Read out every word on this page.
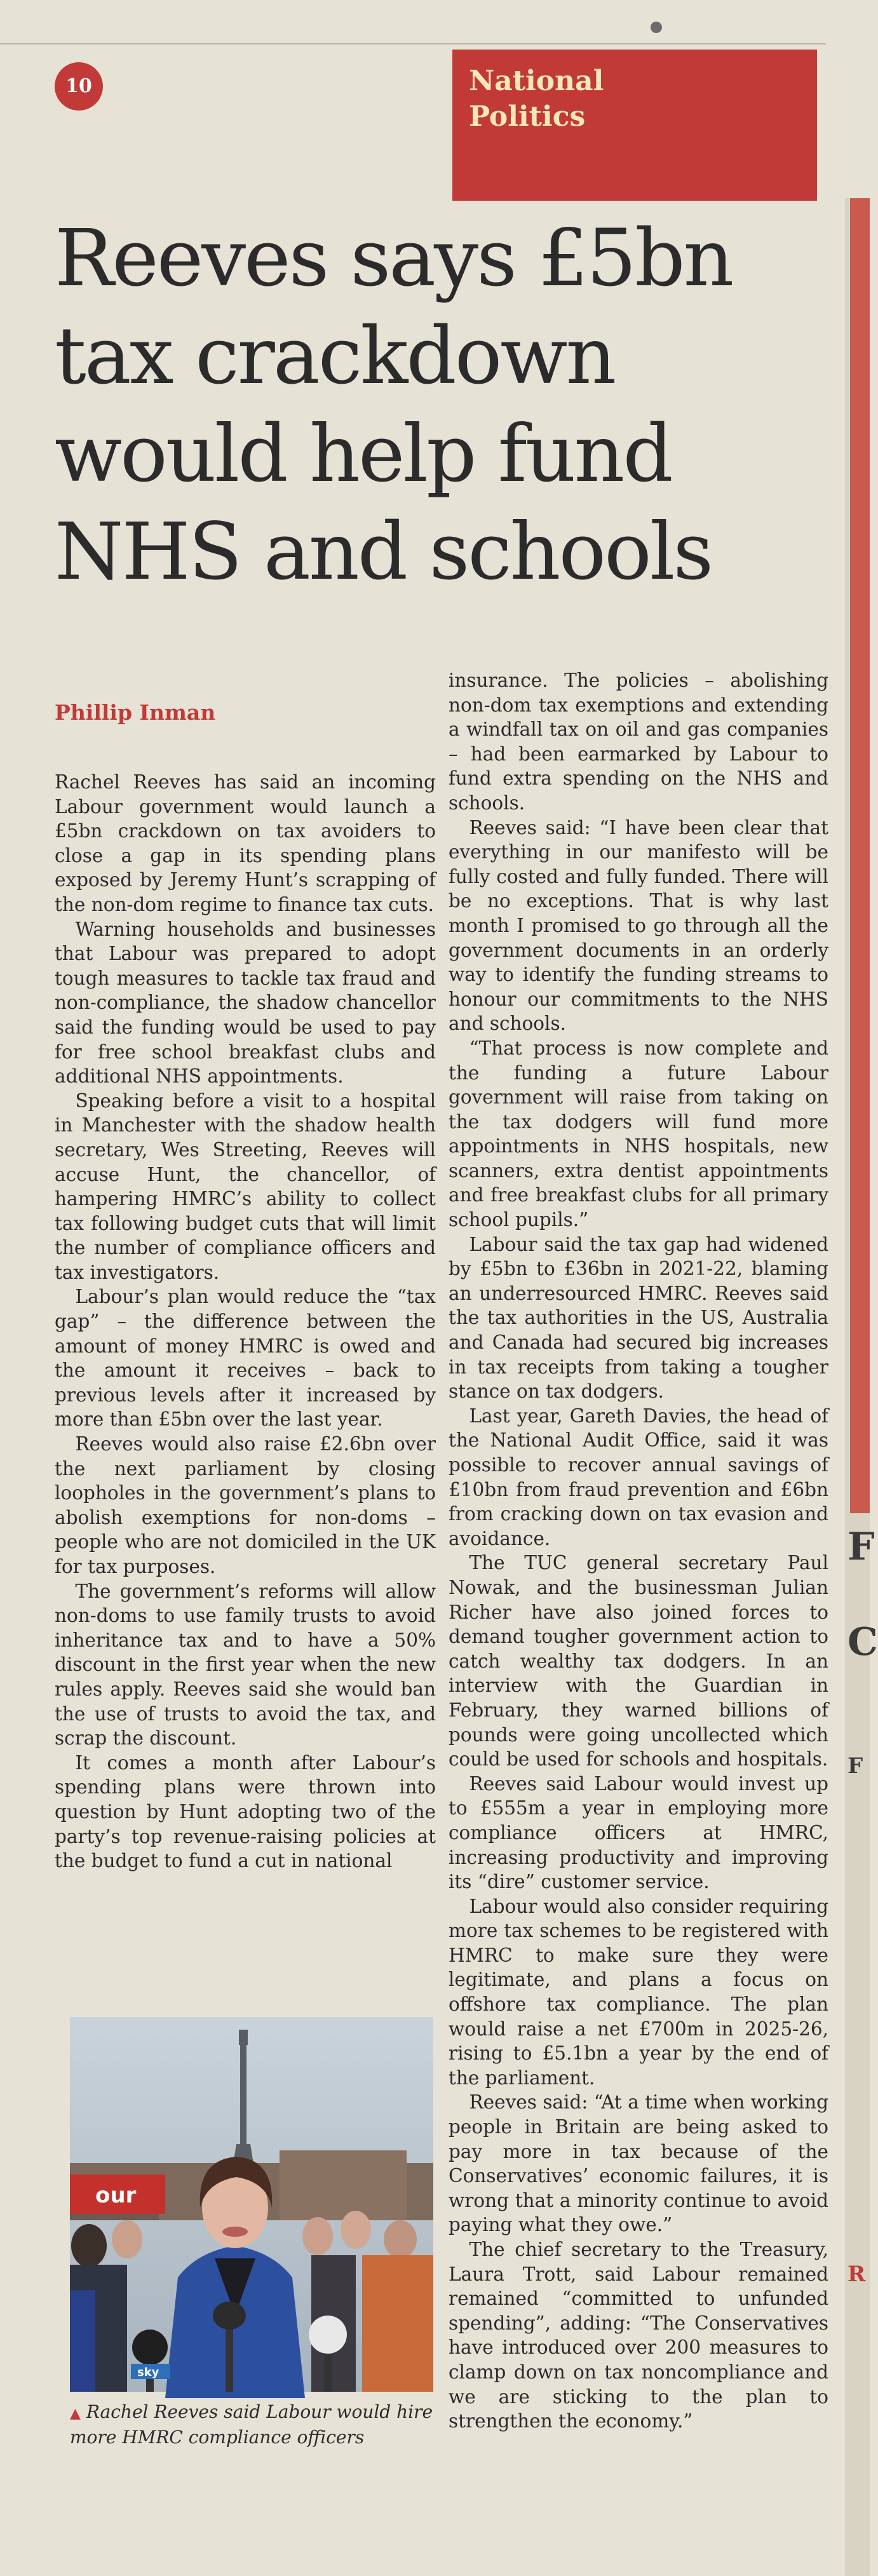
10	National
Politics
Reeves says £5bn
tax crackdown
would help fund
NHS and schools
Phillip Inman

Rachel Reeves has said an incoming Labour government would launch a £5bn crackdown on tax avoiders to close a gap in its spending plans exposed by Jeremy Hunt’s scrapping of the non-dom regime to finance tax cuts.

Warning households and businesses that Labour was prepared to adopt tough measures to tackle tax fraud and non-compliance, the shadow chancellor said the funding would be used to pay for free school breakfast clubs and additional NHS appointments.

Speaking before a visit to a hospital in Manchester with the shadow health secretary, Wes Streeting, Reeves will accuse Hunt, the chancellor, of hampering HMRC’s ability to collect tax following budget cuts that will limit the number of compliance officers and tax investigators.

Labour’s plan would reduce the “tax gap” – the difference between the amount of money HMRC is owed and the amount it receives – back to previous levels after it increased by more than £5bn over the last year.

Reeves would also raise £2.6bn over the next parliament by closing loopholes in the government’s plans to abolish exemptions for non-doms – people who are not domiciled in the UK for tax purposes.

The government’s reforms will allow non-doms to use family trusts to avoid inheritance tax and to have a 50% discount in the first year when the new rules apply. Reeves said she would ban the use of trusts to avoid the tax, and scrap the discount.

It comes a month after Labour’s spending plans were thrown into question by Hunt adopting two of the party’s top revenue-raising policies at the budget to fund a cut in national

insurance. The policies – abolishing non-dom tax exemptions and extending a windfall tax on oil and gas companies – had been earmarked by Labour to fund extra spending on the NHS and schools.

Reeves said: “I have been clear that everything in our manifesto will be fully costed and fully funded. There will be no exceptions. That is why last month I promised to go through all the government documents in an orderly way to identify the funding streams to honour our commitments to the NHS and schools.

“That process is now complete and the funding a future Labour government will raise from taking on the tax dodgers will fund more appointments in NHS hospitals, new scanners, extra dentist appointments and free breakfast clubs for all primary school pupils.”

Labour said the tax gap had widened by £5bn to £36bn in 2021-22, blaming an underresourced HMRC. Reeves said the tax authorities in the US, Australia and Canada had secured big increases in tax receipts from taking a tougher stance on tax dodgers.

Last year, Gareth Davies, the head of the National Audit Office, said it was possible to recover annual savings of £10bn from fraud prevention and £6bn from cracking down on tax evasion and avoidance.

The TUC general secretary Paul Nowak, and the businessman Julian Richer have also joined forces to demand tougher government action to catch wealthy tax dodgers. In an interview with the Guardian in February, they warned billions of pounds were going uncollected which could be used for schools and hospitals.

Reeves said Labour would invest up to £555m a year in employing more compliance officers at HMRC, increasing productivity and improving its “dire” customer service.

Labour would also consider requiring more tax schemes to be registered with HMRC to make sure they were legitimate, and plans a focus on offshore tax compliance. The plan would raise a net £700m in 2025-26, rising to £5.1bn a year by the end of the parliament.

Reeves said: “At a time when working people in Britain are being asked to pay more in tax because of the Conservatives’ economic failures, it is wrong that a minority continue to avoid paying what they owe.”

The chief secretary to the Treasury, Laura Trott, said Labour remained remained “committed to unfunded spending”, adding: “The Conservatives have introduced over 200 measures to clamp down on tax noncompliance and we are sticking to the plan to strengthen the economy.”

our
sky
▲ Rachel Reeves said Labour would hire more HMRC compliance officers
F
C
F
R
